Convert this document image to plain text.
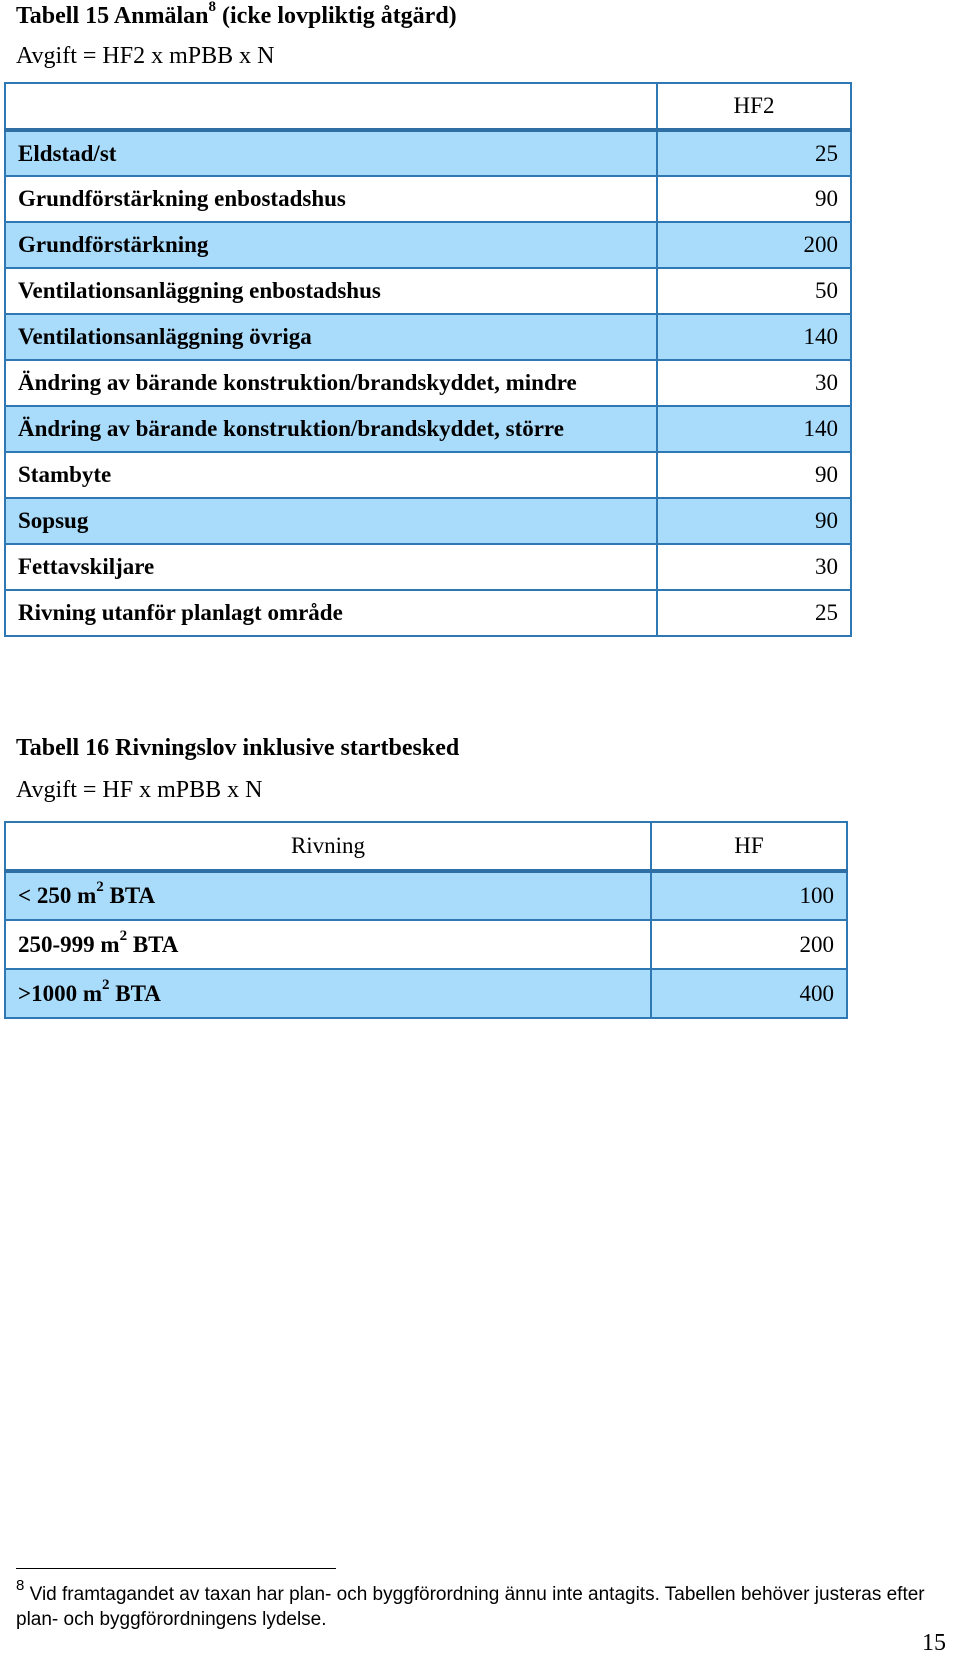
Tabell 15 Anmälan$^8$ (icke lovpliktig åtgärd)
Avgift = HF2 x mPBB x N
	HF2
Eldstad/st	25
Grundförstärkning enbostadshus	90
Grundförstärkning	200
Ventilationsanläggning enbostadshus	50
Ventilationsanläggning övriga	140
Ändring av bärande konstruktion/brandskyddet, mindre	30
Ändring av bärande konstruktion/brandskyddet, större	140
Stambyte	90
Sopsug	90
Fettavskiljare	30
Rivning utanför planlagt område	25
Tabell 16 Rivningslov inklusive startbesked
Avgift = HF x mPBB x N
Rivning	HF
< 250 $m^2$ BTA	100
250-999 $m^2$ BTA	200
>1000 $m^2$ BTA	400
$^8$ Vid framtagandet av taxan har plan- och byggförordning ännu inte antagits. Tabellen behöver justeras efter plan- och byggförordningens lydelse.
15
